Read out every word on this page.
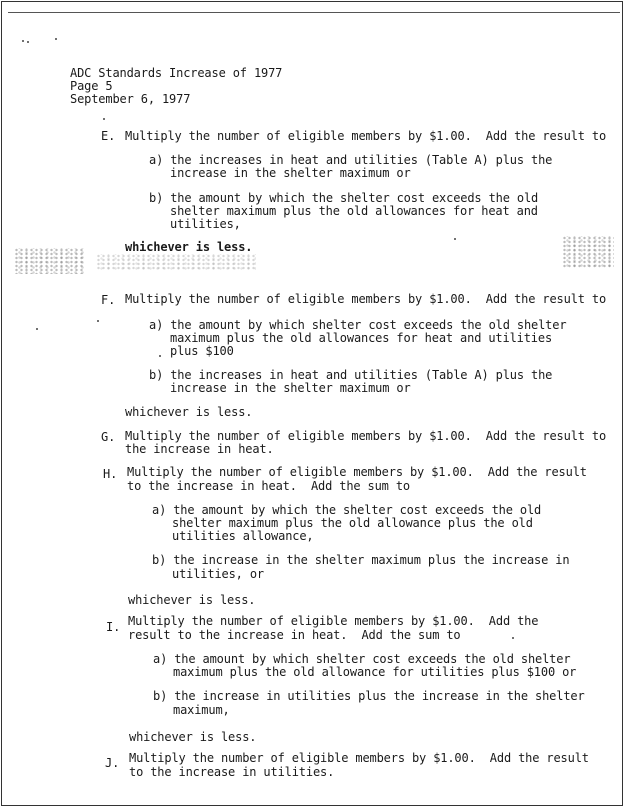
ADC Standards Increase of 1977
Page 5
September 6, 1977
E. Multiply the number of eligible members by $1.00.  Add the result to
a) the increases in heat and utilities (Table A) plus the
increase in the shelter maximum or
b) the amount by which the shelter cost exceeds the old
shelter maximum plus the old allowances for heat and
utilities,
whichever is less.
F. Multiply the number of eligible members by $1.00.  Add the result to
a) the amount by which shelter cost exceeds the old shelter
maximum plus the old allowances for heat and utilities
plus $100
b) the increases in heat and utilities (Table A) plus the
increase in the shelter maximum or
whichever is less.
G. Multiply the number of eligible members by $1.00.  Add the result to
the increase in heat.
H. Multiply the number of eligible members by $1.00.  Add the result
to the increase in heat.  Add the sum to
a) the amount by which the shelter cost exceeds the old
shelter maximum plus the old allowance plus the old
utilities allowance,
b) the increase in the shelter maximum plus the increase in
utilities, or
whichever is less.
I. Multiply the number of eligible members by $1.00.  Add the
result to the increase in heat.  Add the sum to
a) the amount by which shelter cost exceeds the old shelter
maximum plus the old allowance for utilities plus $100 or
b) the increase in utilities plus the increase in the shelter
maximum,
whichever is less.
J. Multiply the number of eligible members by $1.00.  Add the result
to the increase in utilities.
